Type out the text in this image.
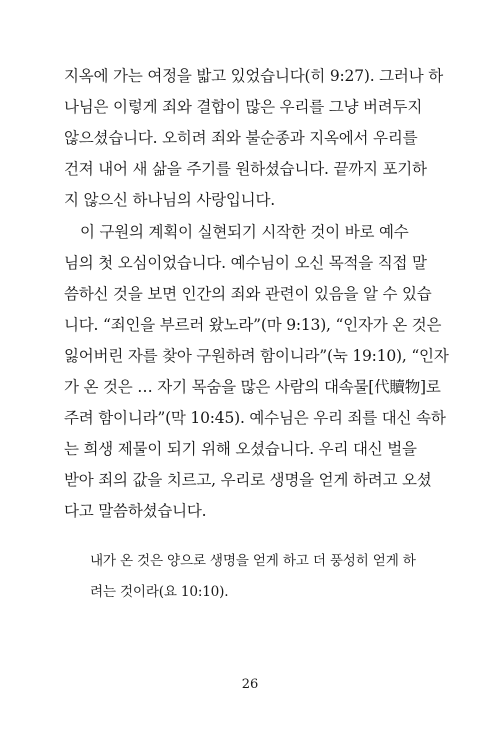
지옥에 가는 여정을 밟고 있었습니다(히 9:27). 그러나 하
나님은 이렇게 죄와 결합이 많은 우리를 그냥 버려두지
않으셨습니다. 오히려 죄와 불순종과 지옥에서 우리를
건져 내어 새 삶을 주기를 원하셨습니다. 끝까지 포기하
지 않으신 하나님의 사랑입니다.
이 구원의 계획이 실현되기 시작한 것이 바로 예수
님의 첫 오심이었습니다. 예수님이 오신 목적을 직접 말
씀하신 것을 보면 인간의 죄와 관련이 있음을 알 수 있습
니다. “죄인을 부르러 왔노라”(마 9:13), “인자가 온 것은
잃어버린 자를 찾아 구원하려 함이니라”(눅 19:10), “인자
가 온 것은 … 자기 목숨을 많은 사람의 대속물[代贖物]로
주려 함이니라”(막 10:45). 예수님은 우리 죄를 대신 속하
는 희생 제물이 되기 위해 오셨습니다. 우리 대신 벌을
받아 죄의 값을 치르고, 우리로 생명을 얻게 하려고 오셨
다고 말씀하셨습니다.
내가 온 것은 양으로 생명을 얻게 하고 더 풍성히 얻게 하
려는 것이라(요 10:10).
26
